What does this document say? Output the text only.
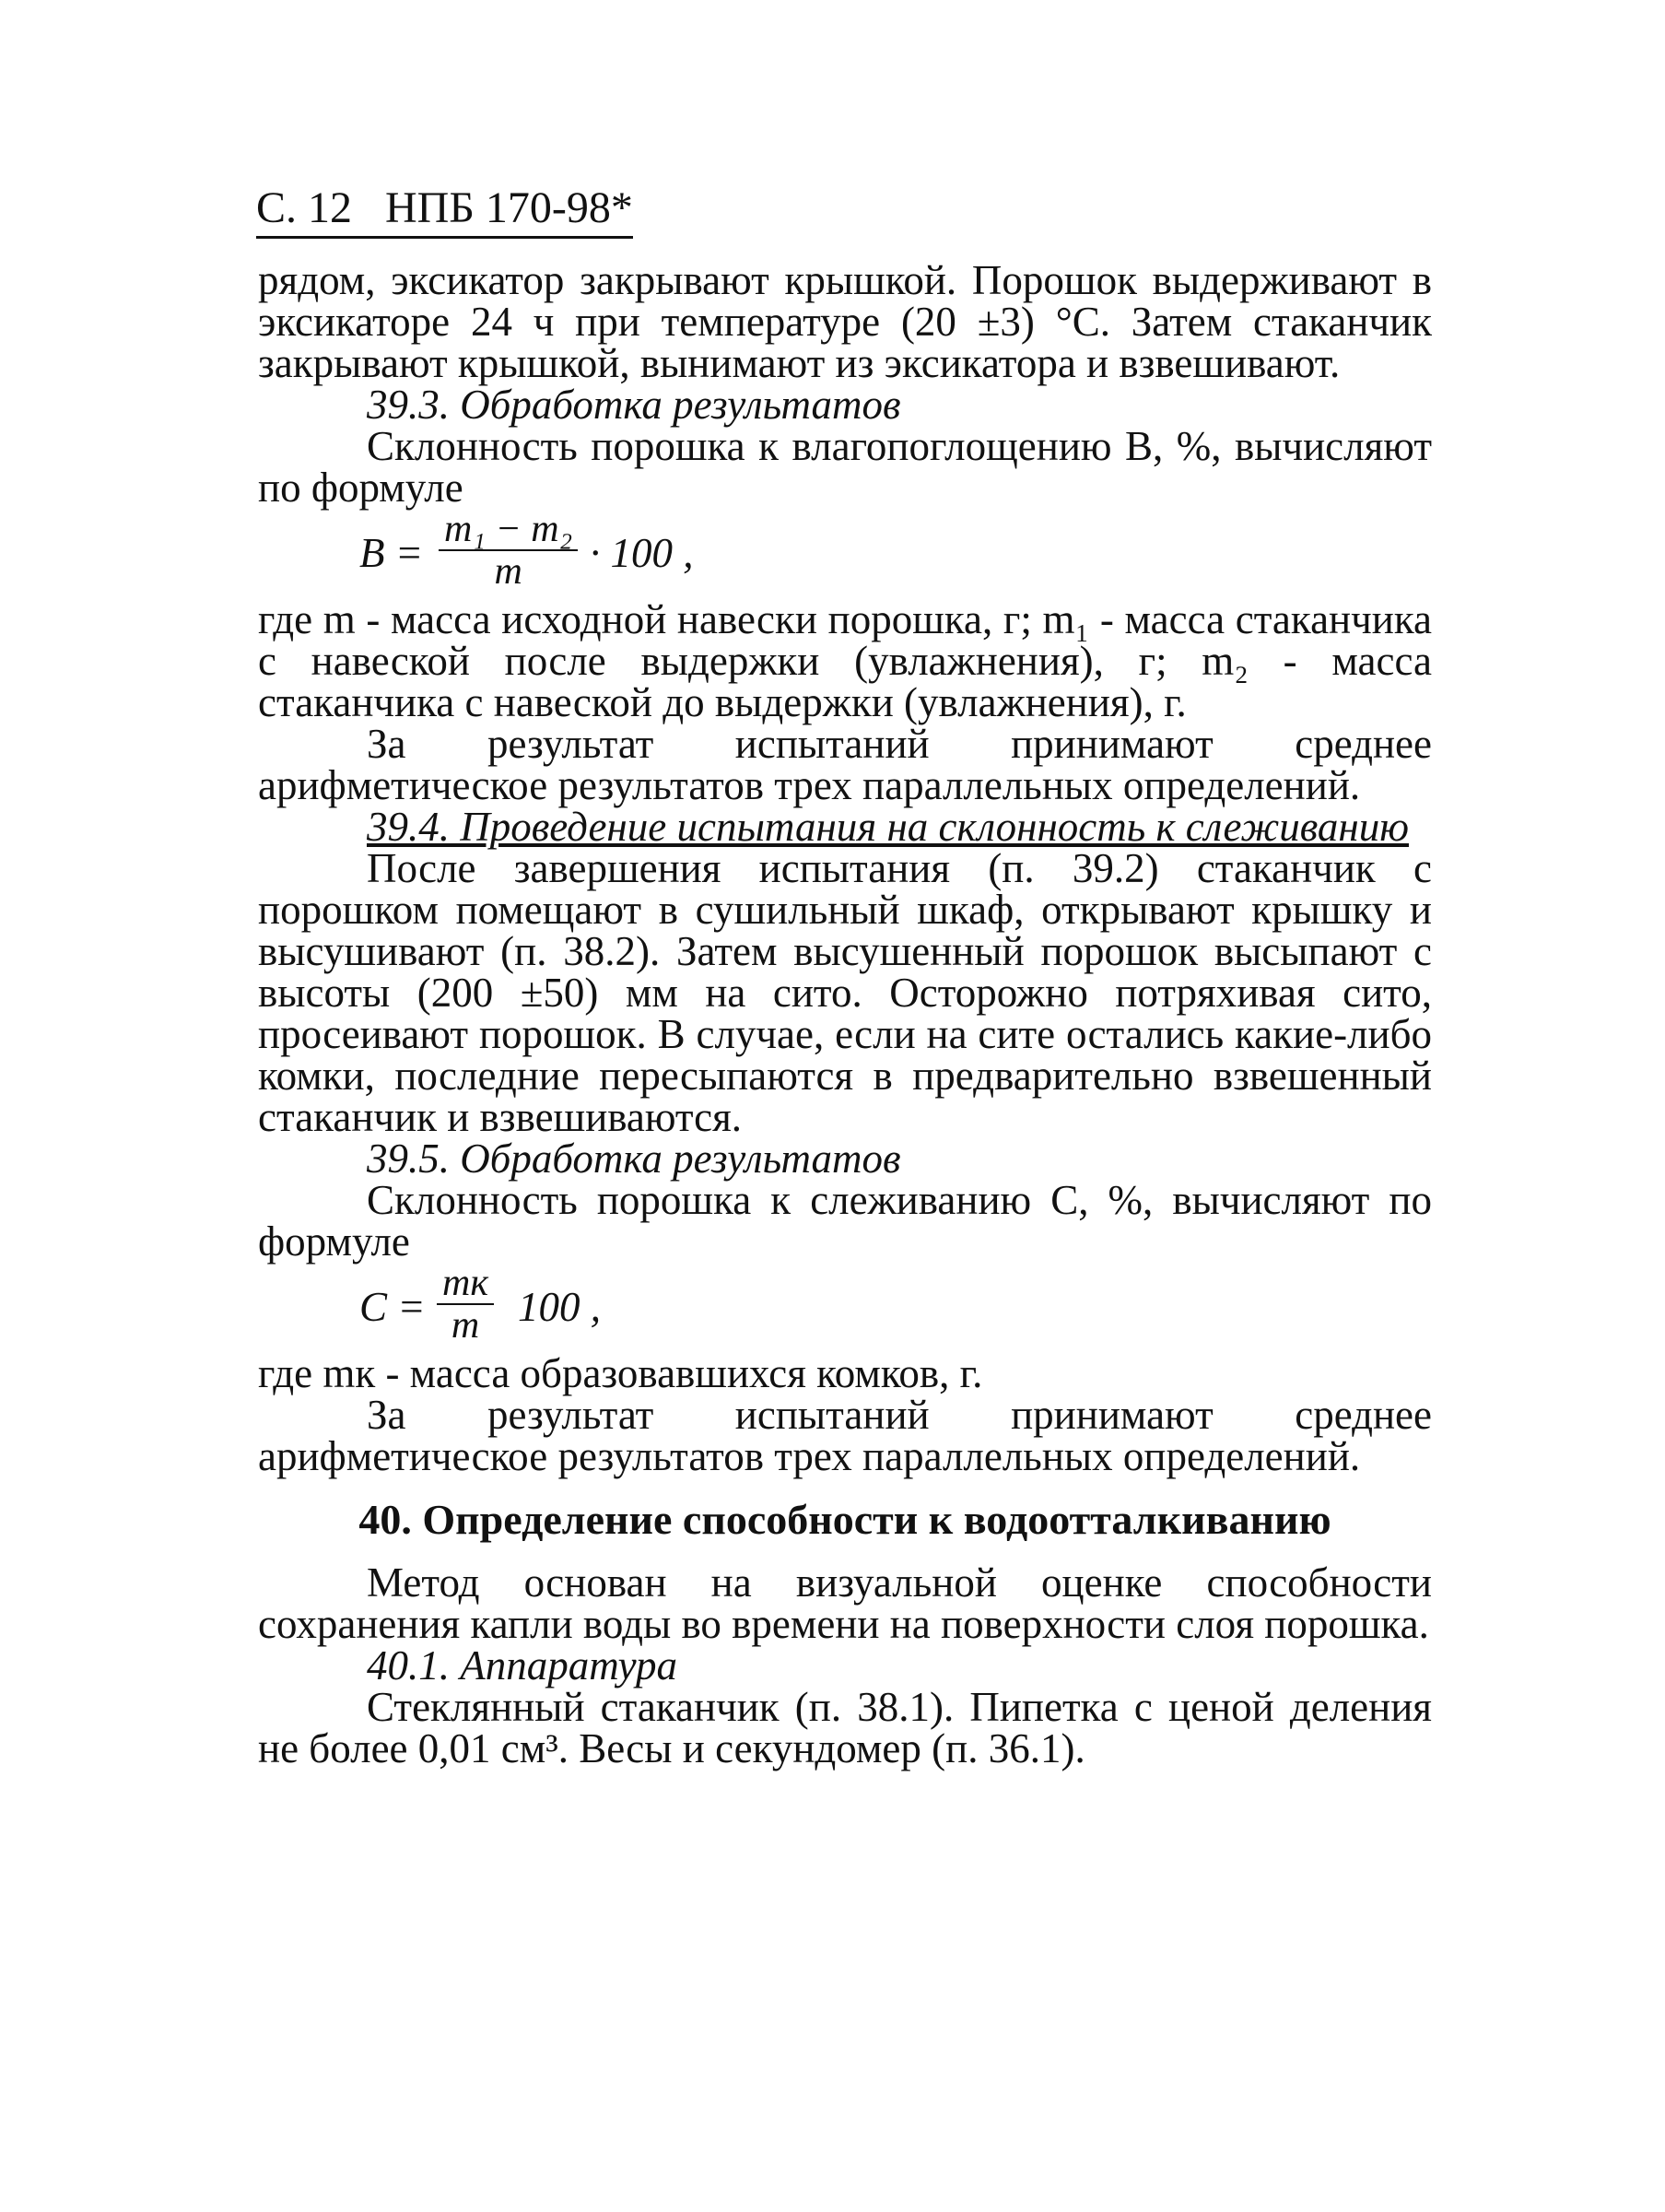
С. 12 НПБ 170-98*

рядом, эксикатор закрывают крышкой. Порошок выдерживают в эксикаторе 24 ч при температуре (20 ±3) °С. Затем стаканчик закрывают крышкой, вынимают из эксикатора и взвешивают.

39.3. Обработка результатов

Склонность порошка к влагопоглощению В, %, вычисляют по формуле

$B = \frac{\text{m₁ − m₂}}{m} \cdot 100$ ,

где m - масса исходной навески порошка, г; m₁ - масса стаканчика с навеской после выдержки (увлажнения), г; m₂ - масса стаканчика с навеской до выдержки (увлажнения), г.

За результат испытаний принимают среднее арифметическое результатов трех параллельных определений.

39.4. Проведение испытания на склонность к слеживанию

После завершения испытания (п. 39.2) стаканчик с порошком помещают в сушильный шкаф, открывают крышку и высушивают (п. 38.2). Затем высушенный порошок высыпают с высоты (200 ±50) мм на сито. Осторожно потряхивая сито, просеивают порошок. В случае, если на сите остались какие-либо комки, последние пересыпаются в предварительно взвешенный стаканчик и взвешиваются.

39.5. Обработка результатов

Склонность порошка к слеживанию С, %, вычисляют по формуле

C =
mк
m 100 ,

где mк - масса образовавшихся комков, г.

За результат испытаний принимают среднее арифметическое результатов трех параллельных определений.

40. Определение способности к водоотталкиванию

Метод основан на визуальной оценке способности сохранения капли воды во времени на поверхности слоя порошка.

40.1. Аппаратура

Стеклянный стаканчик (п. 38.1). Пипетка с ценой деления не более 0,01 см³. Весы и секундомер (п. 36.1).
